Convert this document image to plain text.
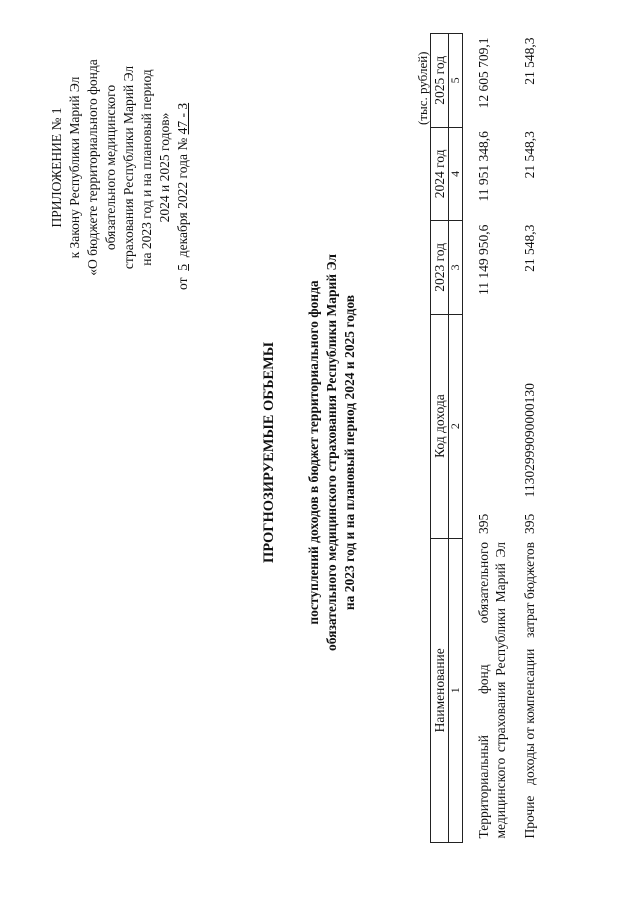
ПРИЛОЖЕНИЕ № 1 к Закону Республики Марий Эл «О бюджете территориального фонда обязательного медицинского страхования Республики Марий Эл на 2023 год и на плановый период 2024 и 2025 годов»
от  5  декабря 2022 года № 47 - З
ПРОГНОЗИРУЕМЫЕ ОБЪЕМЫ поступлений доходов в бюджет территориального фонда обязательного медицинского страхования Республики Марий Эл на 2023 год и на плановый период 2024 и 2025 годов
(тыс. рублей)
Наименование	Код дохода		2023 год	2024 год	2025 год
1	2		3	4	5

Территориальный
фонд
обязательного медицинского страхования Республики Марий Эл	395		11 149 950,6	11 951 348,6	12 605 709,1

Прочие
доходы от компенсации
затрат бюджетов	395	11302999090000130	21 548,3	21 548,3	21 548,3
